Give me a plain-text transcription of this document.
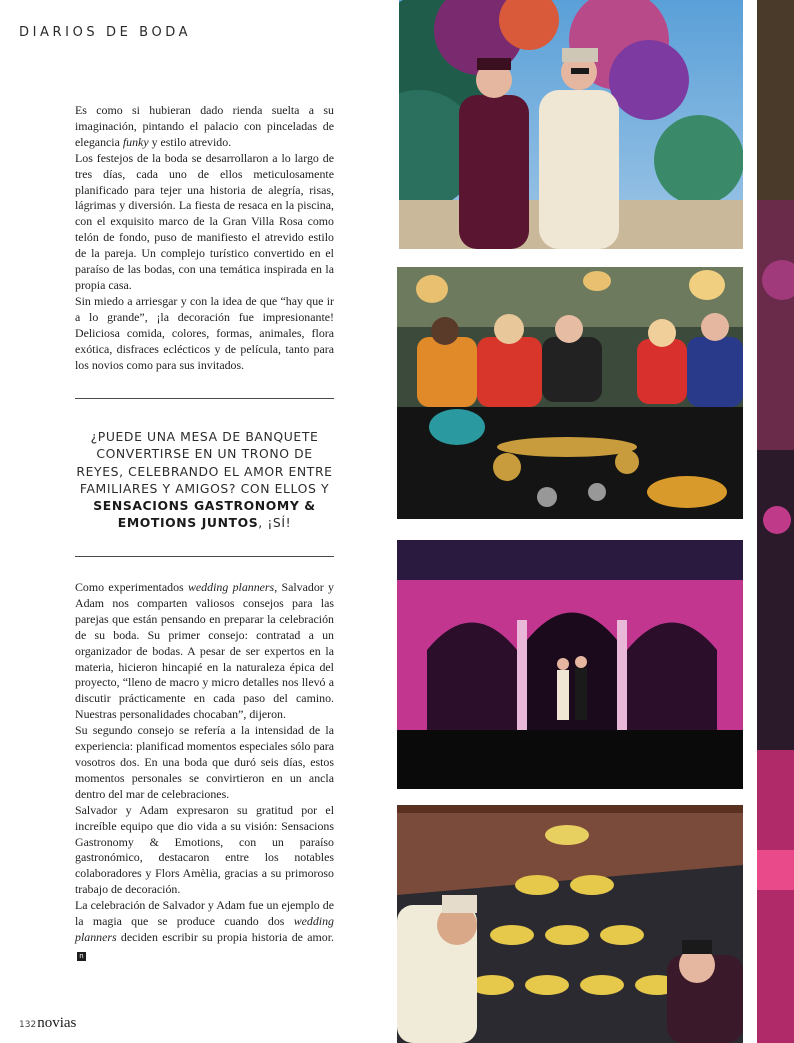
DIARIOS DE BODA

Es como si hubieran dado rienda suelta a su imaginación, pintando el palacio con pinceladas de elegancia funky y estilo atrevido.

Los festejos de la boda se desarrollaron a lo largo de tres días, cada uno de ellos meticulosamente planificado para tejer una historia de alegría, risas, lágrimas y diversión. La fiesta de resaca en la piscina, con el exquisito marco de la Gran Villa Rosa como telón de fondo, puso de manifiesto el atrevido estilo de la pareja. Un complejo turístico convertido en el paraíso de las bodas, con una temática inspirada en la propia casa.

Sin miedo a arriesgar y con la idea de que “hay que ir a lo grande”, ¡la decoración fue impresionante! Deliciosa comida, colores, formas, animales, flora exótica, disfraces eclécticos y de película, tanto para los novios como para sus invitados.

¿PUEDE UNA MESA DE BANQUETE CONVERTIRSE EN UN TRONO DE REYES, CELEBRANDO EL AMOR ENTRE FAMILIARES Y AMIGOS? CON ELLOS Y SENSACIONS GASTRONOMY & EMOTIONS JUNTOS, ¡SÍ!

Como experimentados wedding planners, Salvador y Adam nos comparten valiosos consejos para las parejas que están pensando en preparar la celebración de su boda. Su primer consejo: contratad a un organizador de bodas. A pesar de ser expertos en la materia, hicieron hincapié en la naturaleza épica del proyecto, “lleno de macro y micro detalles nos llevó a discutir prácticamente en cada paso del camino. Nuestras personalidades chocaban”, dijeron.

Su segundo consejo se refería a la intensidad de la experiencia: planificad momentos especiales sólo para vosotros dos. En una boda que duró seis días, estos momentos personales se convirtieron en un ancla dentro del mar de celebraciones.

Salvador y Adam expresaron su gratitud por el increíble equipo que dio vida a su visión: Sensacions Gastronomy & Emotions, con un paraíso gastronómico, destacaron entre los notables colaboradores y Flors Amèlia, gracias a su primoroso trabajo de decoración.

La celebración de Salvador y Adam fue un ejemplo de la magia que se produce cuando dos wedding planners deciden escribir su propia historia de amor.n

132novias
